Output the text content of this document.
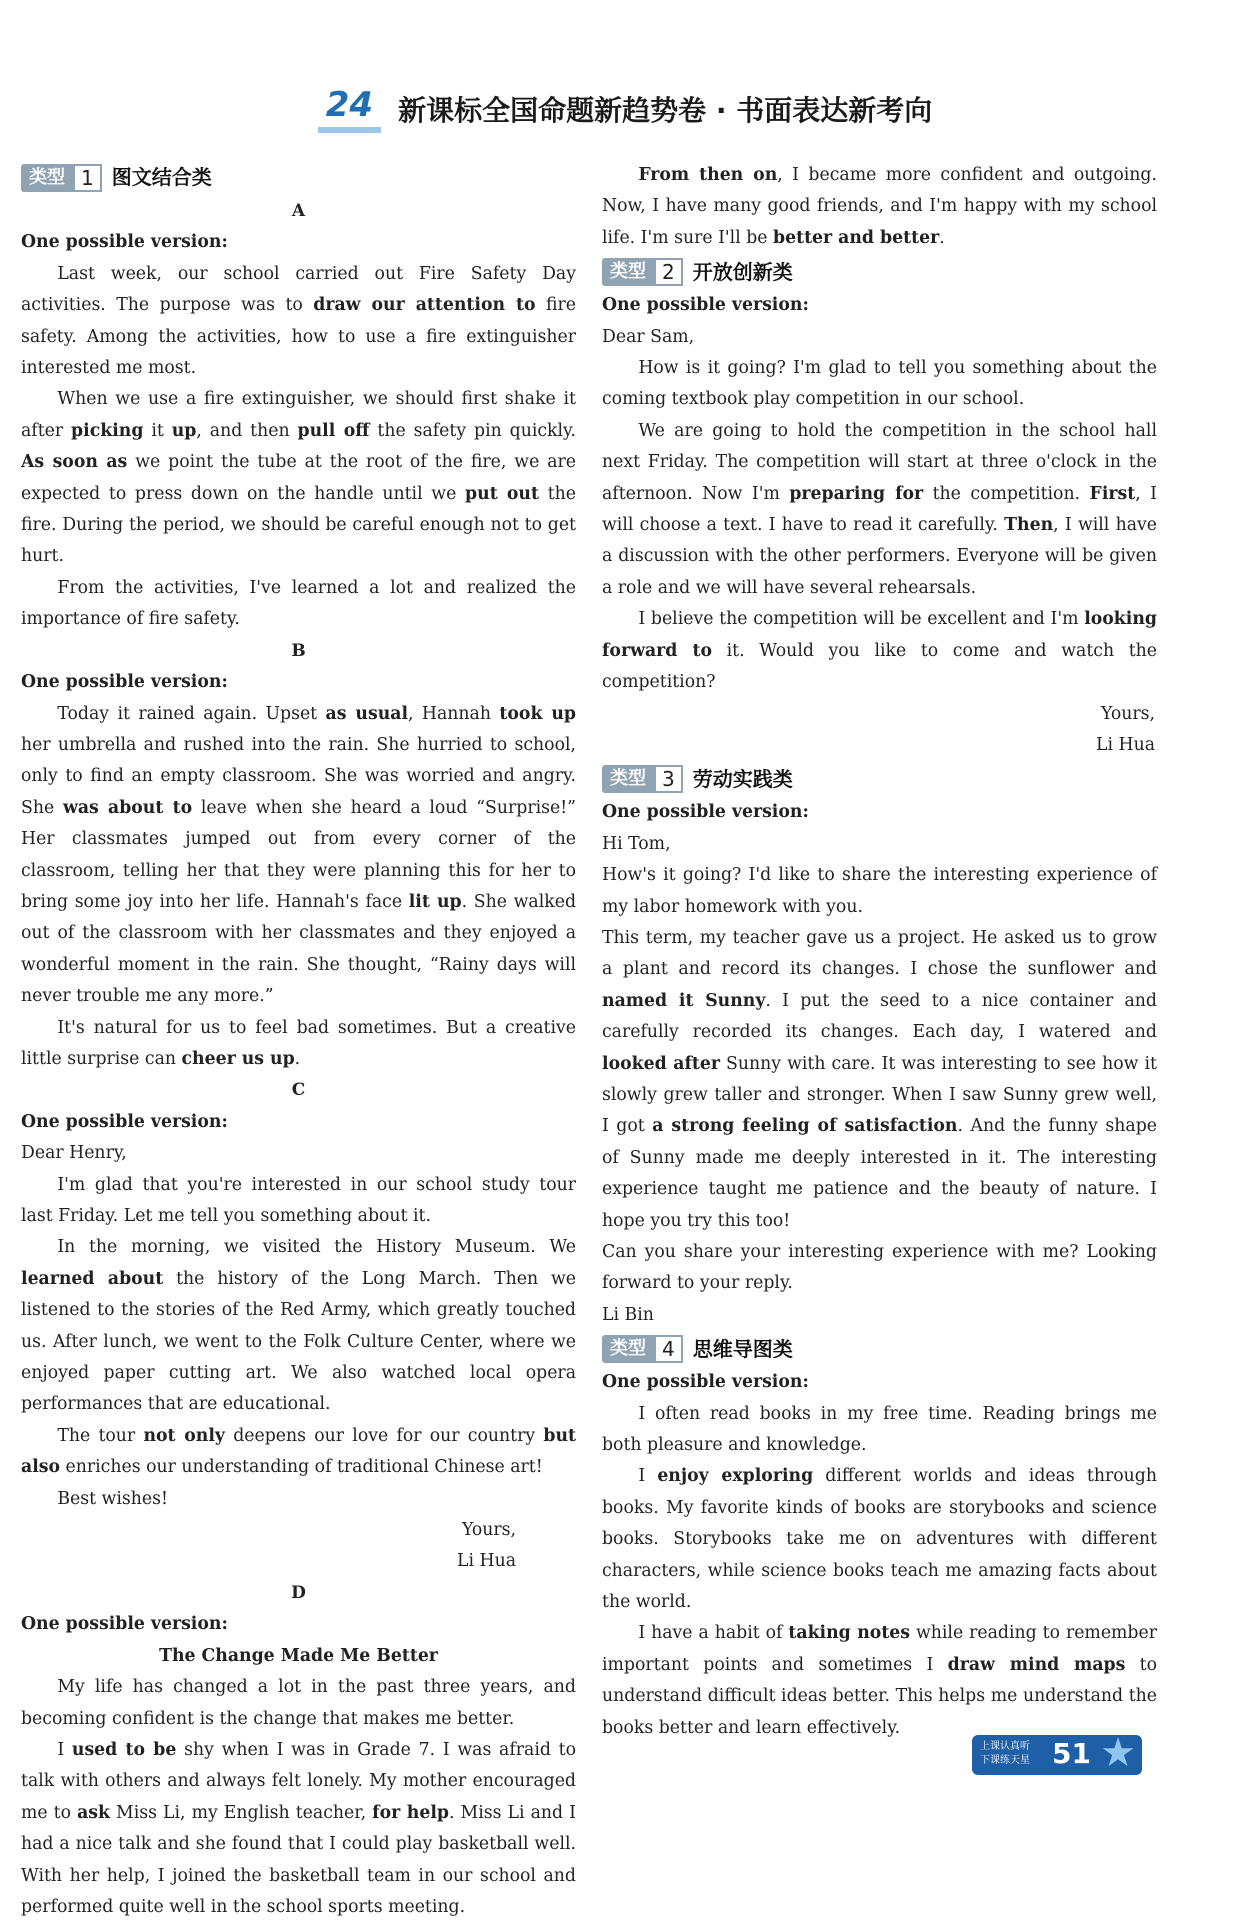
24 新课标全国命题新趋势卷 · 书面表达新考向
类型 1 图文结合类
A
One possible version:

Last week, our school carried out Fire Safety Day activities. The purpose was to draw our attention to fire safety. Among the activities, how to use a fire extinguisher interested me most.

When we use a fire extinguisher, we should first shake it after picking it up, and then pull off the safety pin quickly. As soon as we point the tube at the root of the fire, we are expected to press down on the handle until we put out the fire. During the period, we should be careful enough not to get hurt.

From the activities, I've learned a lot and realized the importance of fire safety.

B
One possible version:

Today it rained again. Upset as usual, Hannah took up her umbrella and rushed into the rain. She hurried to school, only to find an empty classroom. She was worried and angry. She was about to leave when she heard a loud “Surprise!” Her classmates jumped out from every corner of the classroom, telling her that they were planning this for her to bring some joy into her life. Hannah's face lit up. She walked out of the classroom with her classmates and they enjoyed a wonderful moment in the rain. She thought, “Rainy days will never trouble me any more.”

It's natural for us to feel bad sometimes. But a creative little surprise can cheer us up.

C
One possible version:

Dear Henry,

I'm glad that you're interested in our school study tour last Friday. Let me tell you something about it.

In the morning, we visited the History Museum. We learned about the history of the Long March. Then we listened to the stories of the Red Army, which greatly touched us. After lunch, we went to the Folk Culture Center, where we enjoyed paper cutting art. We also watched local opera performances that are educational.

The tour not only deepens our love for our country but also enriches our understanding of traditional Chinese art!

Best wishes!

Yours,

Li Hua

D
One possible version:

The Change Made Me Better

My life has changed a lot in the past three years, and becoming confident is the change that makes me better.

I used to be shy when I was in Grade 7. I was afraid to talk with others and always felt lonely. My mother encouraged me to ask Miss Li, my English teacher, for help. Miss Li and I had a nice talk and she found that I could play basketball well. With her help, I joined the basketball team in our school and performed quite well in the school sports meeting.

From then on, I became more confident and outgoing. Now, I have many good friends, and I'm happy with my school life. I'm sure I'll be better and better.

类型 2 开放创新类
One possible version:

Dear Sam,

How is it going? I'm glad to tell you something about the coming textbook play competition in our school.

We are going to hold the competition in the school hall next Friday. The competition will start at three o'clock in the afternoon. Now I'm preparing for the competition. First, I will choose a text. I have to read it carefully. Then, I will have a discussion with the other performers. Everyone will be given a role and we will have several rehearsals.

I believe the competition will be excellent and I'm looking forward to it. Would you like to come and watch the competition?

Yours,

Li Hua

类型 3 劳动实践类
One possible version:

Hi Tom,

How's it going? I'd like to share the interesting experience of my labor homework with you.

This term, my teacher gave us a project. He asked us to grow a plant and record its changes. I chose the sunflower and named it Sunny. I put the seed to a nice container and carefully recorded its changes. Each day, I watered and looked after Sunny with care. It was interesting to see how it slowly grew taller and stronger. When I saw Sunny grew well, I got a strong feeling of satisfaction. And the funny shape of Sunny made me deeply interested in it. The interesting experience taught me patience and the beauty of nature. I hope you try this too!

Can you share your interesting experience with me? Looking forward to your reply.

Li Bin

类型 4 思维导图类
One possible version:

I often read books in my free time. Reading brings me both pleasure and knowledge.

I enjoy exploring different worlds and ideas through books. My favorite kinds of books are storybooks and science books. Storybooks take me on adventures with different characters, while science books teach me amazing facts about the world.

I have a habit of taking notes while reading to remember important points and sometimes I draw mind maps to understand difficult ideas better. This helps me understand the books better and learn effectively.

上课认真听
下课练天星 51 ★
